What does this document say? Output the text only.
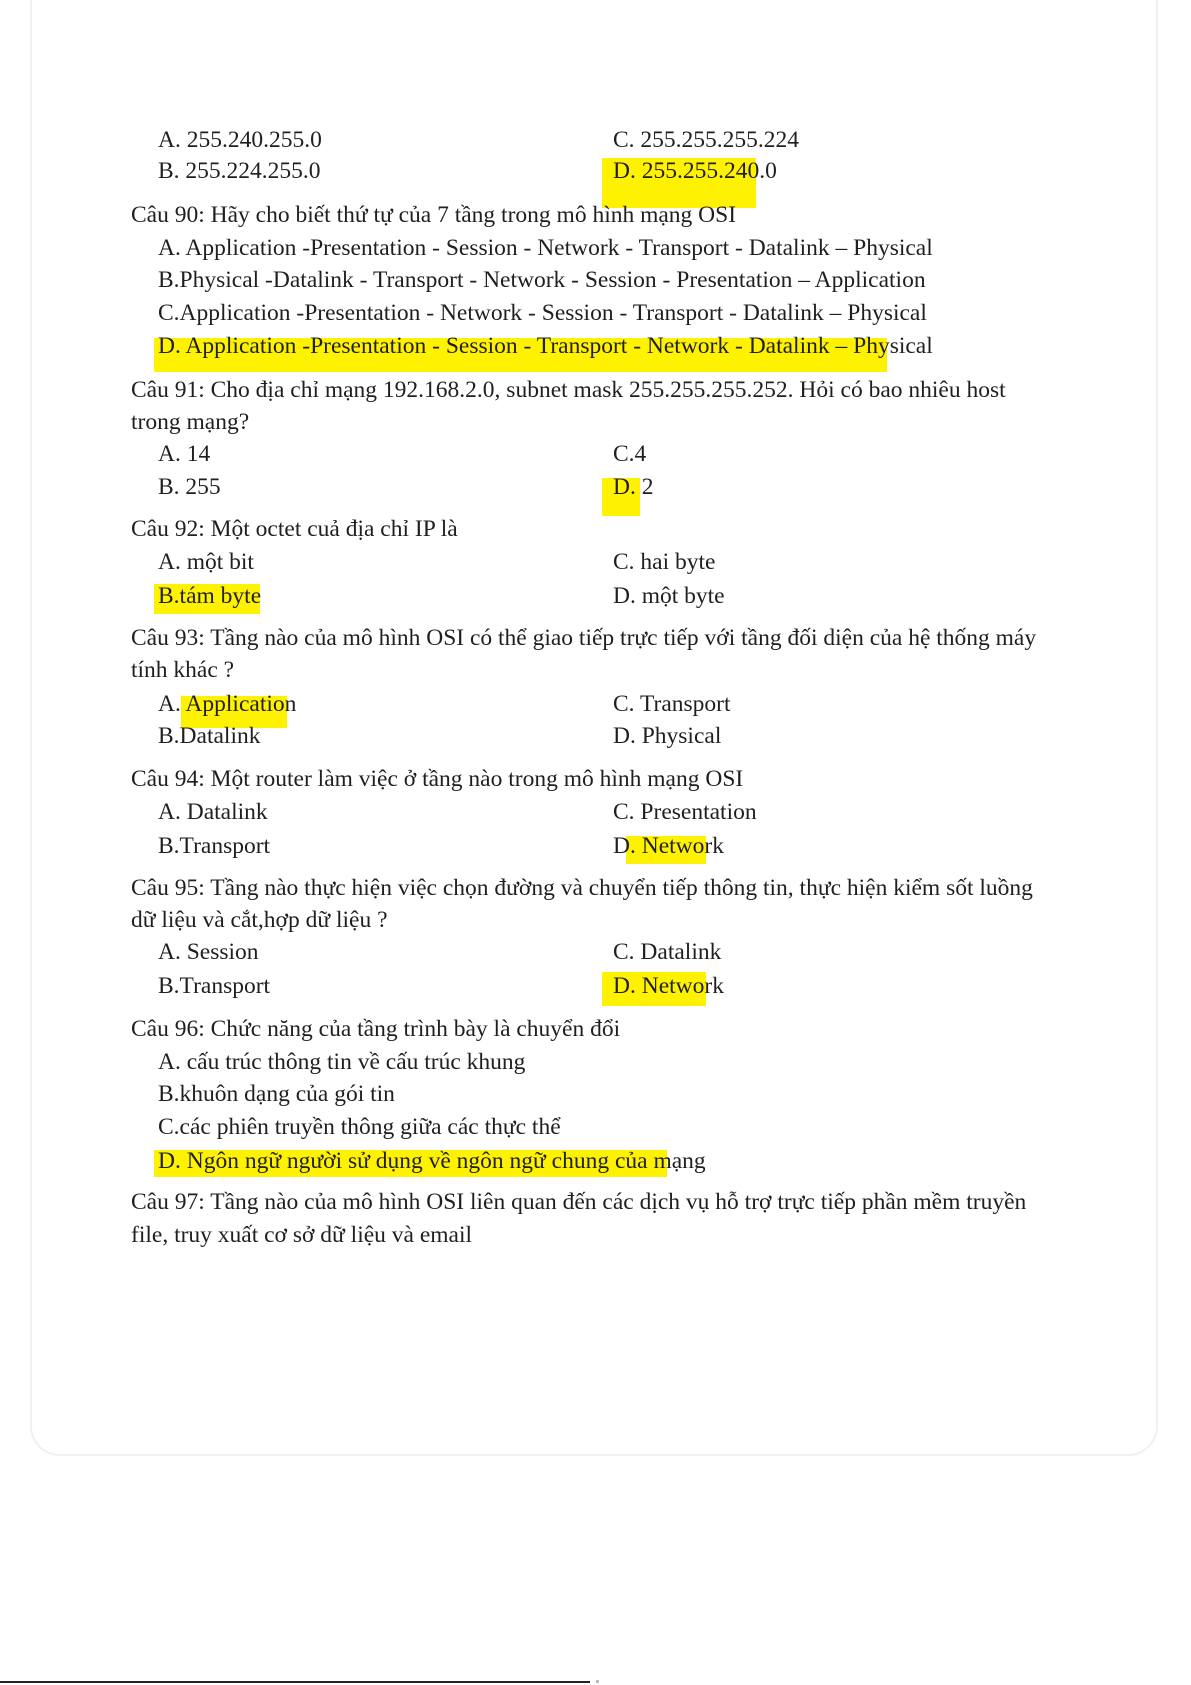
A. 255.240.255.0	C. 255.255.255.224
B. 255.224.255.0	D. 255.255.240.0
Câu 90: Hãy cho biết thứ tự của 7 tầng trong mô hình mạng OSI
A. Application -Presentation - Session - Network - Transport - Datalink – Physical
B.Physical -Datalink - Transport - Network - Session - Presentation – Application
C.Application -Presentation - Network - Session - Transport - Datalink – Physical
D. Application -Presentation - Session - Transport - Network - Datalink – Physical
Câu 91: Cho địa chỉ mạng 192.168.2.0, subnet mask 255.255.255.252. Hỏi có bao nhiêu host
trong mạng?
A. 14	C.4
B. 255	D. 2
Câu 92: Một octet cuả địa chỉ IP là
A. một bit	C. hai byte
B.tám byte	D. một byte
Câu 93: Tầng nào của mô hình OSI có thể giao tiếp trực tiếp với tầng đối diện của hệ thống máy
tính khác ?
A. Application	C. Transport
B.Datalink	D. Physical
Câu 94: Một router làm việc ở tầng nào trong mô hình mạng OSI
A. Datalink	C. Presentation
B.Transport	D. Network
Câu 95: Tầng nào thực hiện việc chọn đường và chuyển tiếp thông tin, thực hiện kiểm sốt luồng
dữ liệu và cắt,hợp dữ liệu ?
A. Session	C. Datalink
B.Transport	D. Network
Câu 96: Chức năng của tầng trình bày là chuyển đổi
A. cấu trúc thông tin về cấu trúc khung
B.khuôn dạng của gói tin
C.các phiên truyền thông giữa các thực thể
D. Ngôn ngữ người sử dụng về ngôn ngữ chung của mạng
Câu 97: Tầng nào của mô hình OSI liên quan đến các dịch vụ hỗ trợ trực tiếp phần mềm truyền
file, truy xuất cơ sở dữ liệu và email
